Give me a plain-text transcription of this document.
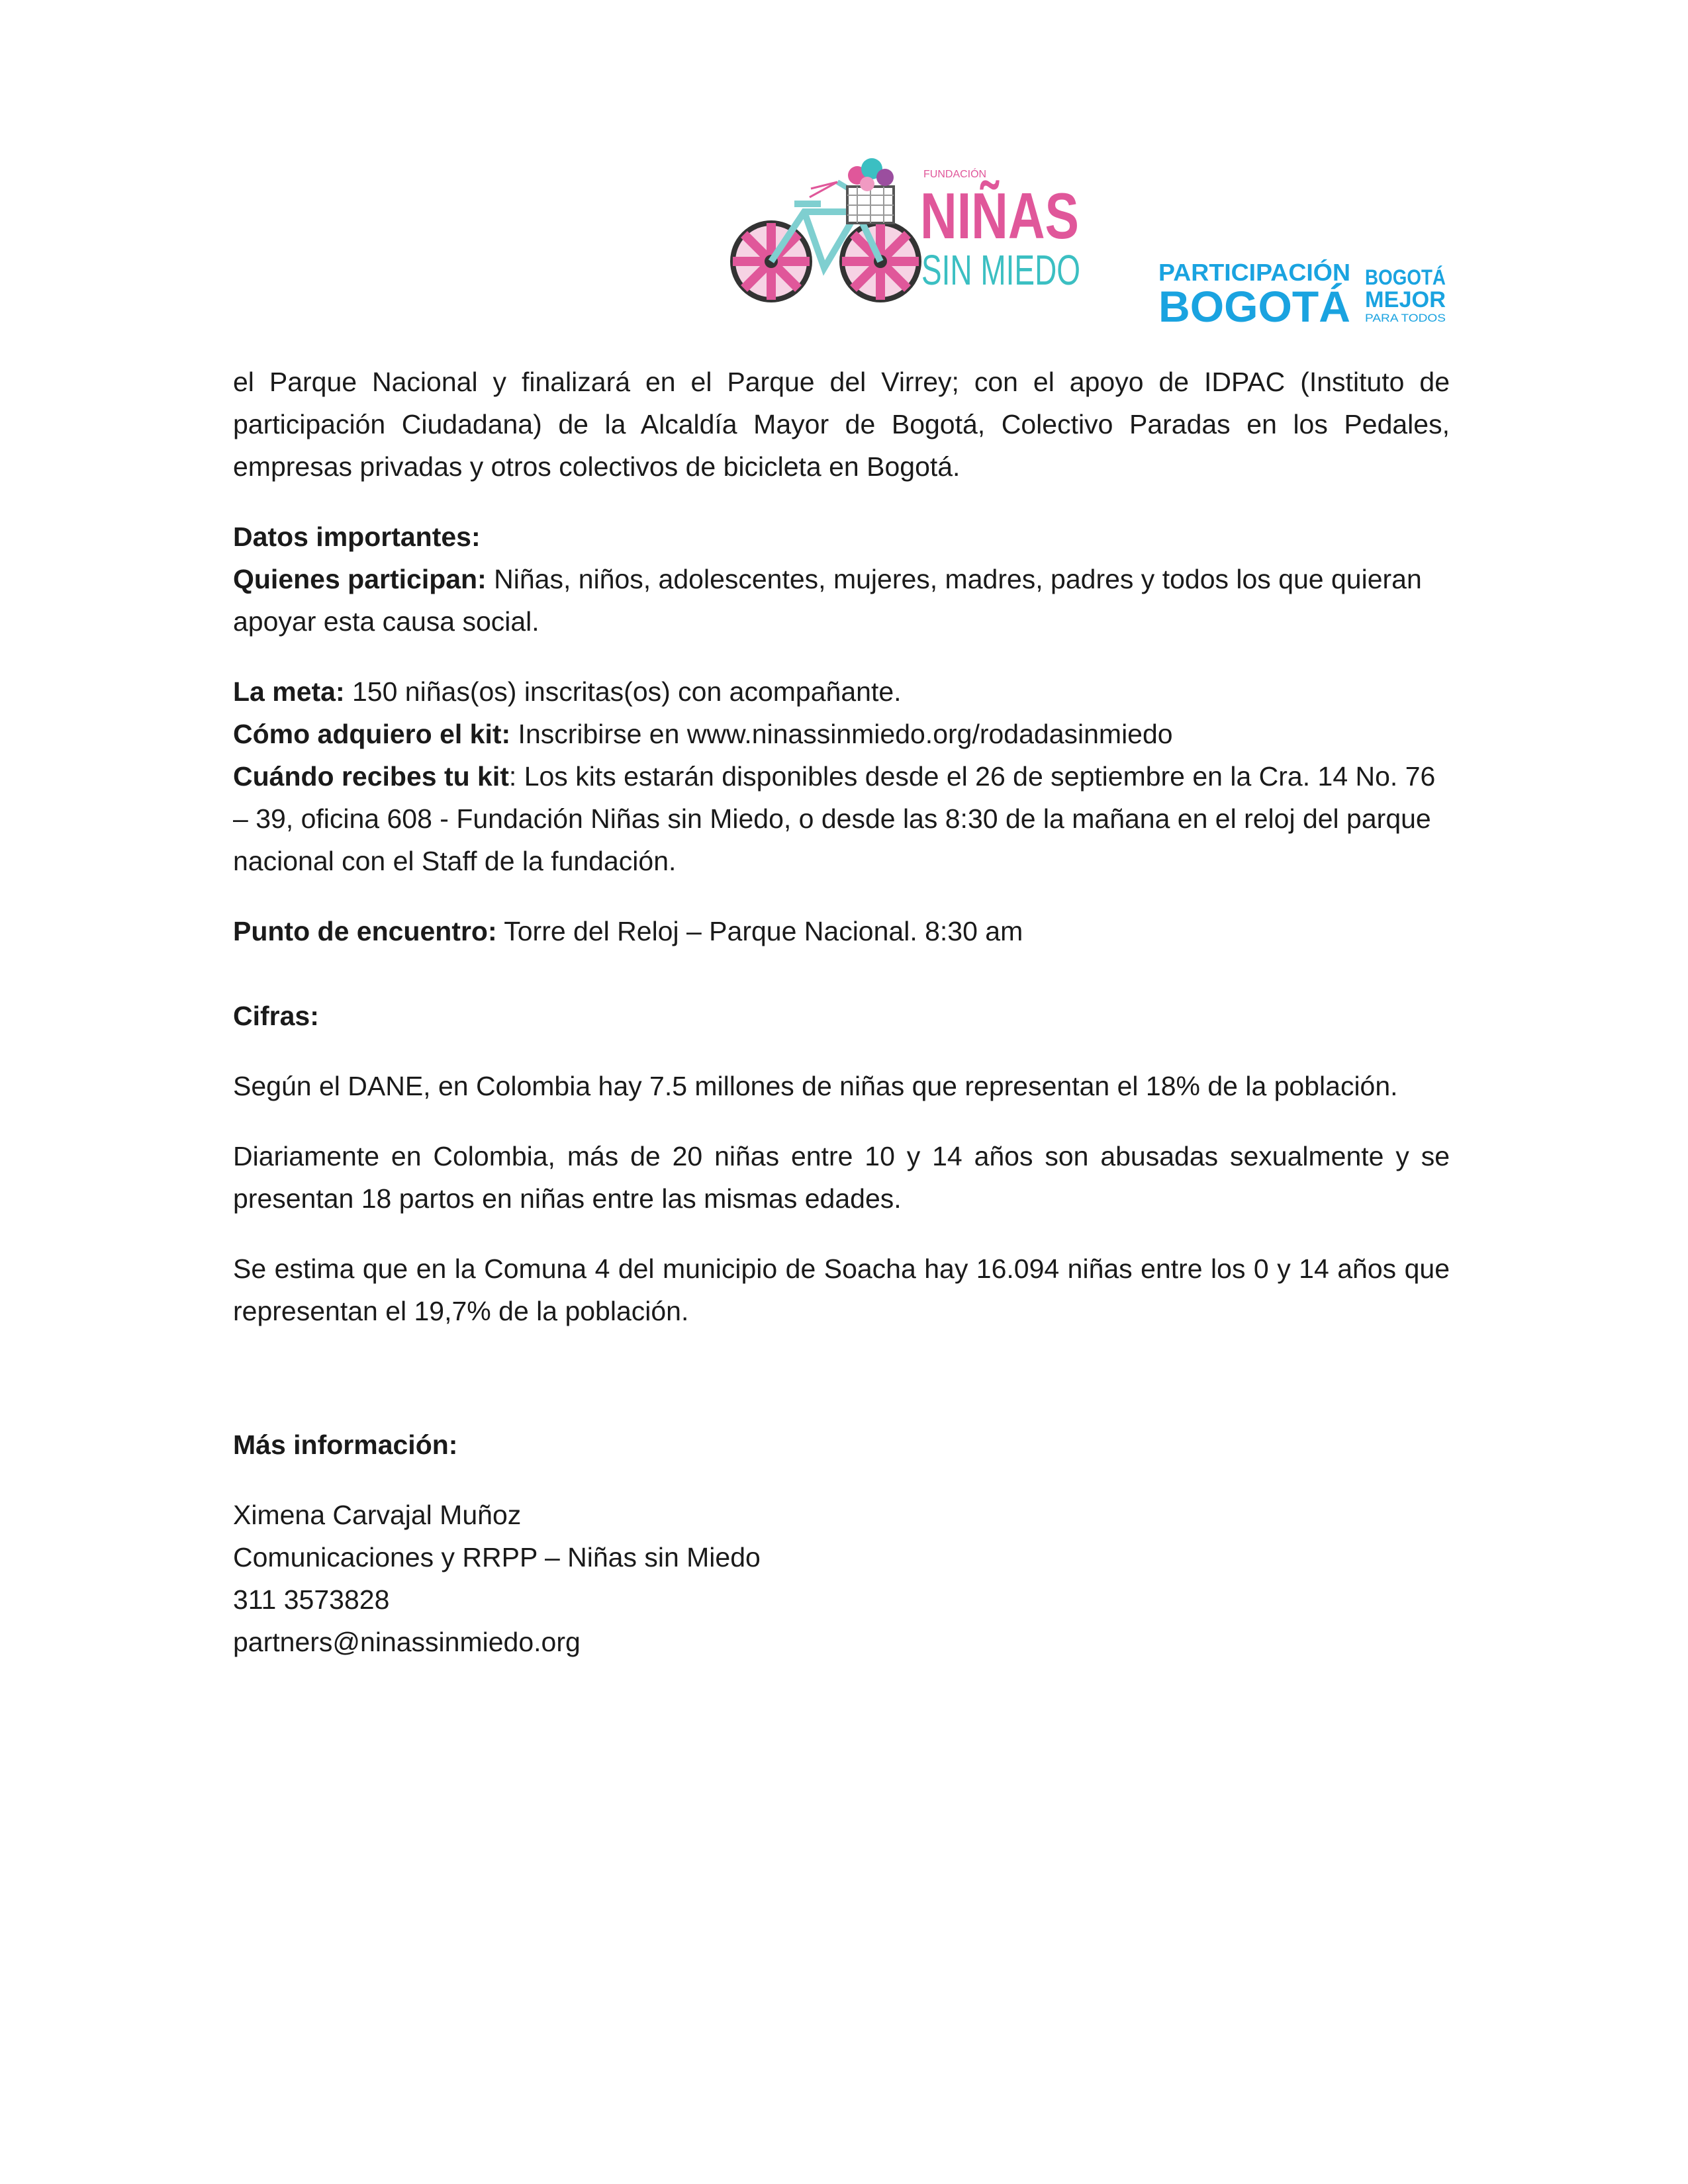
FUNDACIÓN
NIÑAS
SIN MIEDO	PARTICIPACIÓN
BOGOTÁ
BOGOTÁ
MEJOR
PARA TODOS

el Parque Nacional y finalizará en el Parque del Virrey; con el apoyo de IDPAC (Instituto de participación Ciudadana) de la Alcaldía Mayor de Bogotá, Colectivo Paradas en los Pedales, empresas privadas y otros colectivos de bicicleta en Bogotá.

Datos importantes:

Quienes participan: Niñas, niños, adolescentes, mujeres, madres, padres y todos los que quieran apoyar esta causa social.

La meta: 150 niñas(os) inscritas(os) con acompañante.

Cómo adquiero el kit: Inscribirse en www.ninassinmiedo.org/rodadasinmiedo

Cuándo recibes tu kit: Los kits estarán disponibles desde el 26 de septiembre en la Cra. 14 No. 76 – 39, oficina 608 - Fundación Niñas sin Miedo, o desde las 8:30 de la mañana en el reloj del parque nacional con el Staff de la fundación.

Punto de encuentro: Torre del Reloj – Parque Nacional. 8:30 am

Cifras:

Según el DANE, en Colombia hay 7.5 millones de niñas que representan el 18% de la población.

Diariamente en Colombia, más de 20 niñas entre 10 y 14 años son abusadas sexualmente y se presentan 18 partos en niñas entre las mismas edades.

Se estima que en la Comuna 4 del municipio de Soacha hay 16.094 niñas entre los 0 y 14 años que representan el 19,7% de la población.

Más información:

Ximena Carvajal Muñoz

Comunicaciones y RRPP – Niñas sin Miedo

311 3573828

partners@ninassinmiedo.org
